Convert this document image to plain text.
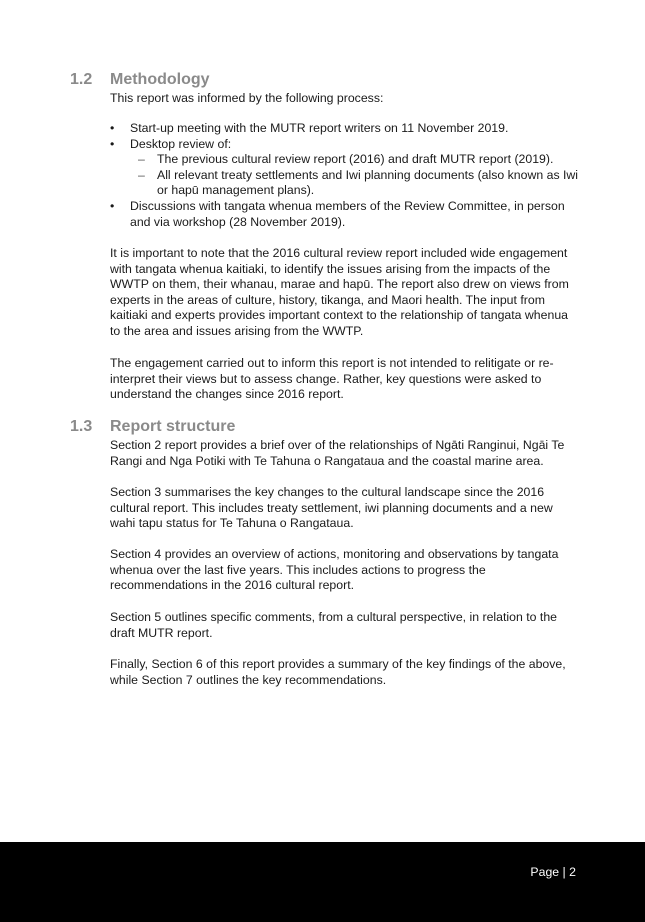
1.2	Methodology

This report was informed by the following process:

•	Start-up meeting with the MUTR report writers on 11 November 2019.
•	Desktop review of:
– The previous cultural review report (2016) and draft MUTR report (2019).
– All relevant treaty settlements and Iwi planning documents (also known as Iwi or hapū management plans).
•	Discussions with tangata whenua members of the Review Committee, in person and via workshop (28 November 2019).

It is important to note that the 2016 cultural review report included wide engagement with tangata whenua kaitiaki, to identify the issues arising from the impacts of the WWTP on them, their whanau, marae and hapū. The report also drew on views from experts in the areas of culture, history, tikanga, and Maori health. The input from kaitiaki and experts provides important context to the relationship of tangata whenua to the area and issues arising from the WWTP.

The engagement carried out to inform this report is not intended to relitigate or re-interpret their views but to assess change. Rather, key questions were asked to understand the changes since 2016 report.

1.3	Report structure

Section 2 report provides a brief over of the relationships of Ngāti Ranginui, Ngāi Te Rangi and Nga Potiki with Te Tahuna o Rangataua and the coastal marine area.

Section 3 summarises the key changes to the cultural landscape since the 2016 cultural report. This includes treaty settlement, iwi planning documents and a new wahi tapu status for Te Tahuna o Rangataua.

Section 4 provides an overview of actions, monitoring and observations by tangata whenua over the last five years. This includes actions to progress the recommendations in the 2016 cultural report.

Section 5 outlines specific comments, from a cultural perspective, in relation to the draft MUTR report.

Finally, Section 6 of this report provides a summary of the key findings of the above, while Section 7 outlines the key recommendations.

Page | 2
